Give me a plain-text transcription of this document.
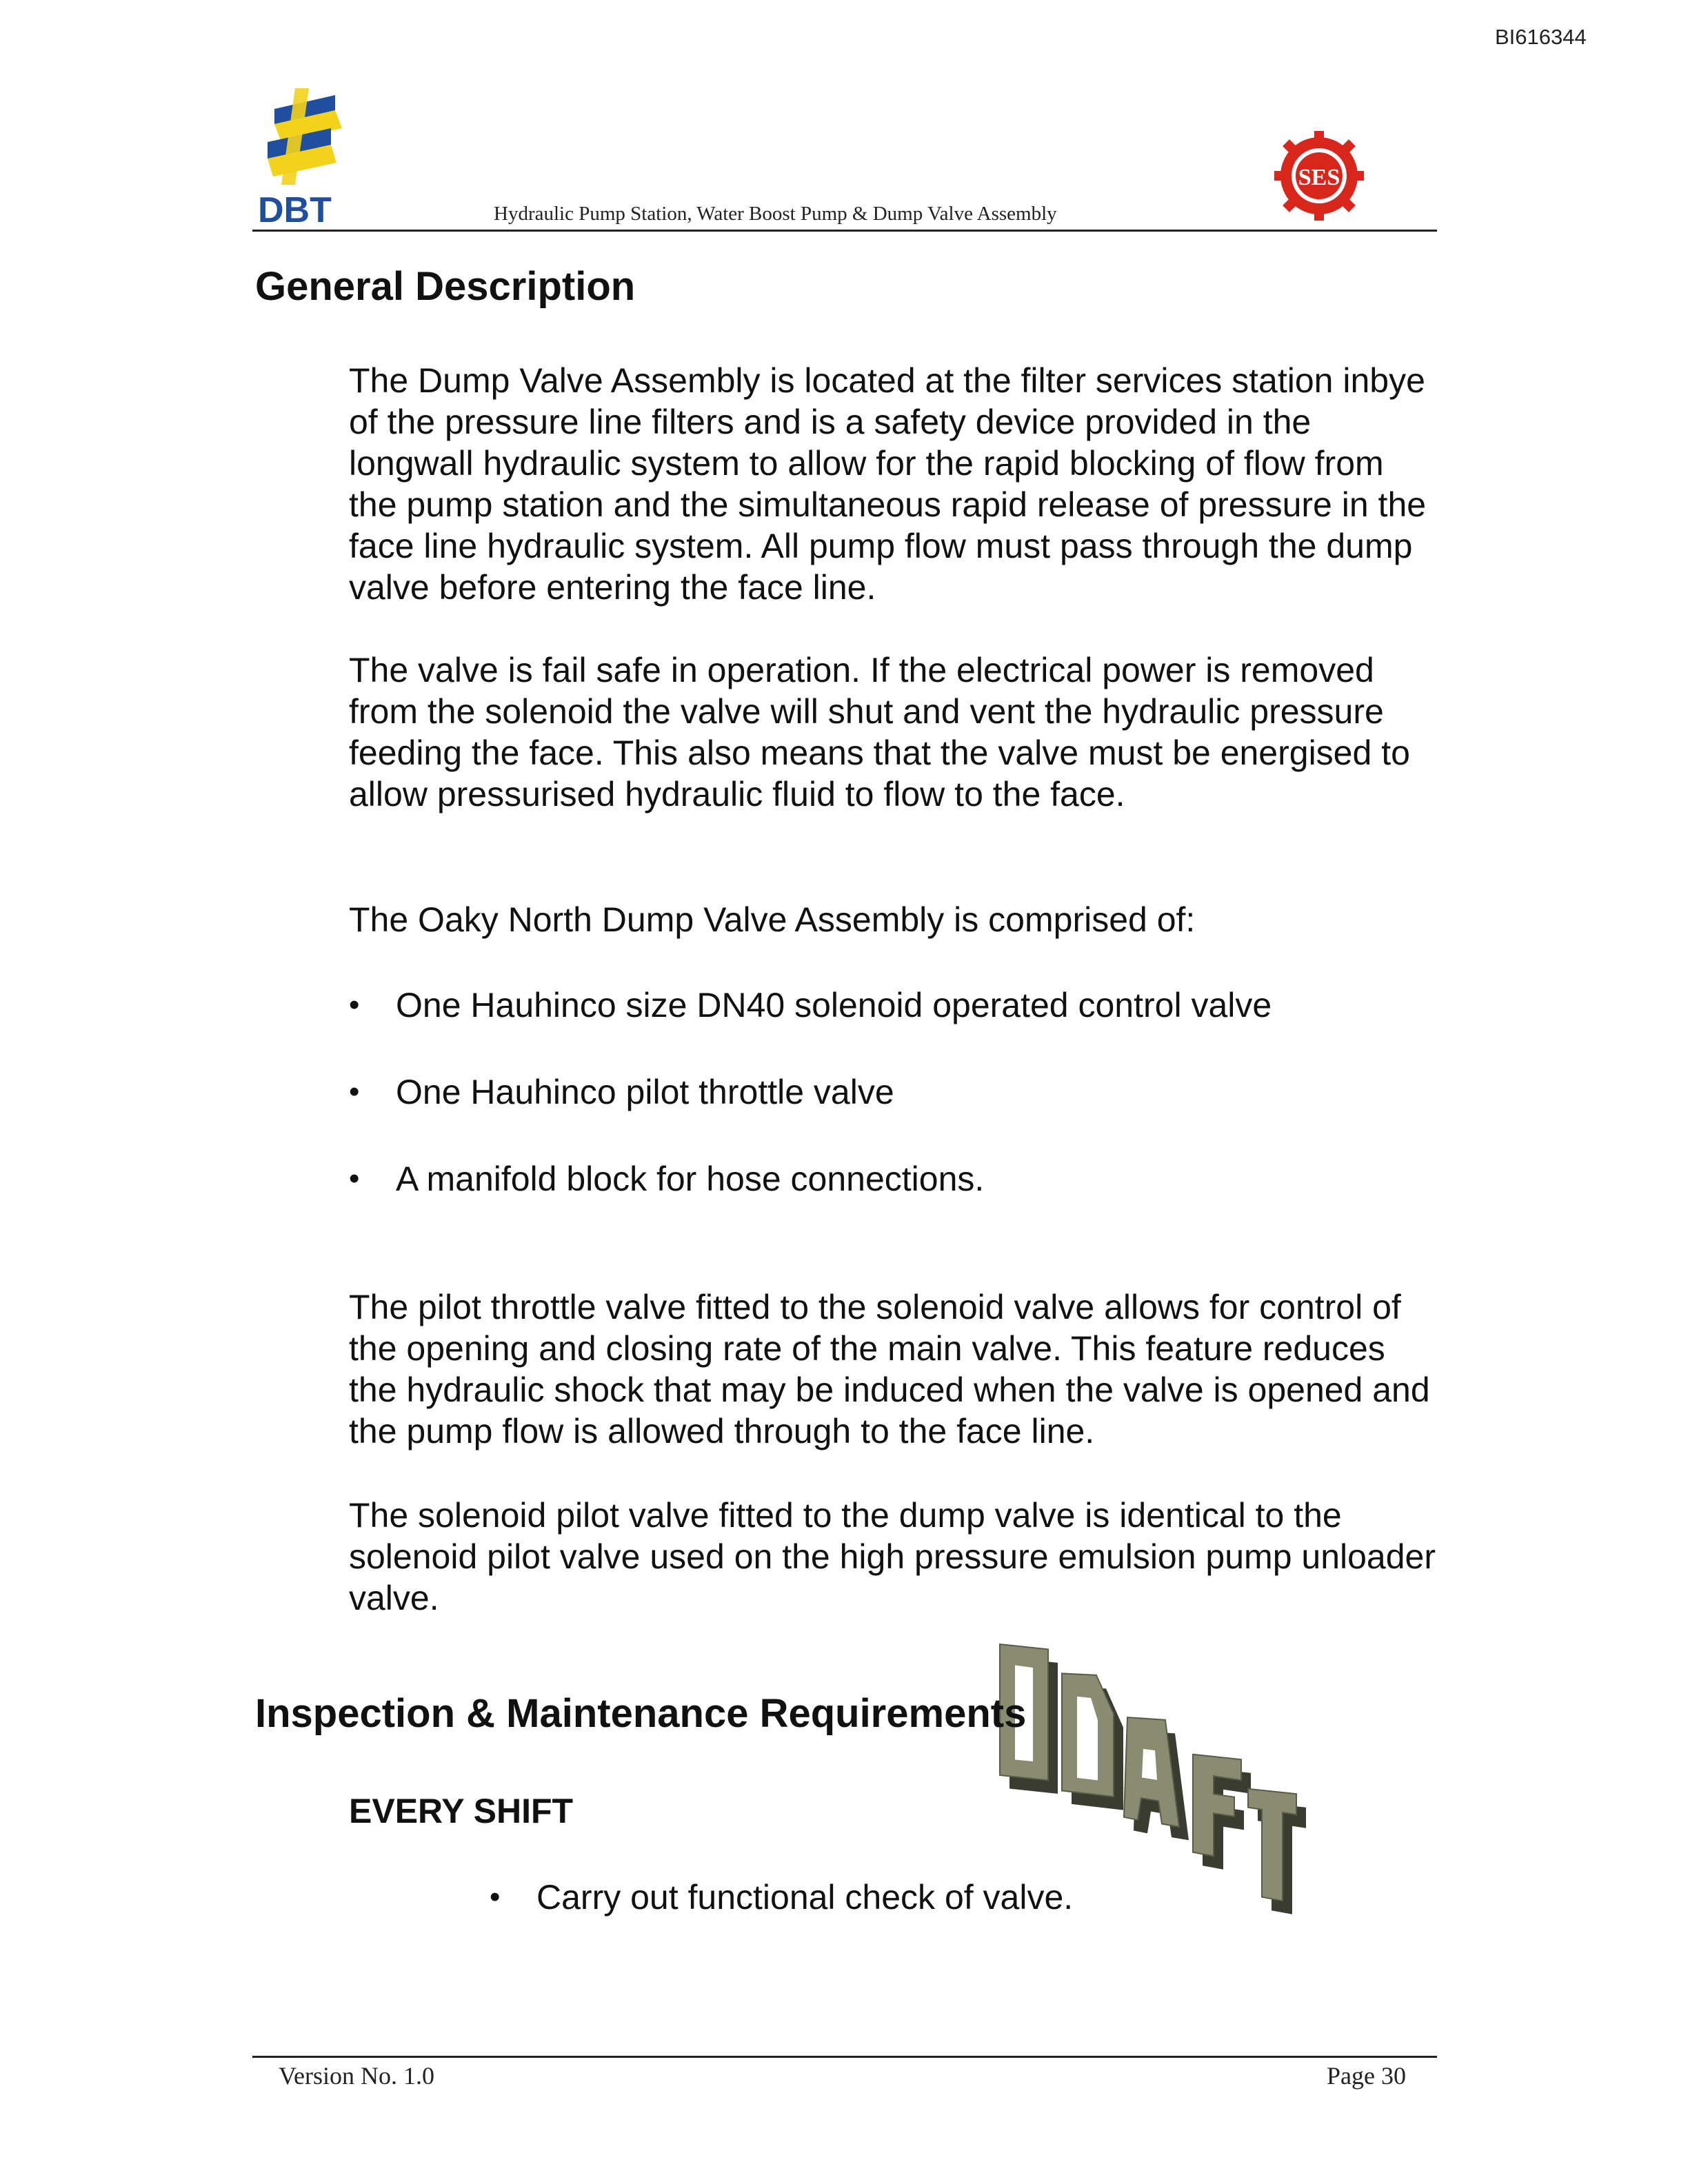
BI616344
DBT	Hydraulic Pump Station, Water Boost Pump & Dump Valve Assembly
SES
General Description

The Dump Valve Assembly is located at the filter services station inbye of the pressure line filters and is a safety device provided in the longwall hydraulic system to allow for the rapid blocking of flow from the pump station and the simultaneous rapid release of pressure in the face line hydraulic system. All pump flow must pass through the dump valve before entering the face line.

The valve is fail safe in operation. If the electrical power is removed from the solenoid the valve will shut and vent the hydraulic pressure feeding the face. This also means that the valve must be energised to allow pressurised hydraulic fluid to flow to the face.

The Oaky North Dump Valve Assembly is comprised of:

• One Hauhinco size DN40 solenoid operated control valve
• One Hauhinco pilot throttle valve
• A manifold block for hose connections.

The pilot throttle valve fitted to the solenoid valve allows for control of the opening and closing rate of the main valve. This feature reduces the hydraulic shock that may be induced when the valve is opened and the pump flow is allowed through to the face line.

The solenoid pilot valve fitted to the dump valve is identical to the solenoid pilot valve used on the high pressure emulsion pump unloader valve.

DRAFT
Inspection & Maintenance Requirements
EVERY SHIFT
• Carry out functional check of valve.
Version No. 1.0	Page 30
